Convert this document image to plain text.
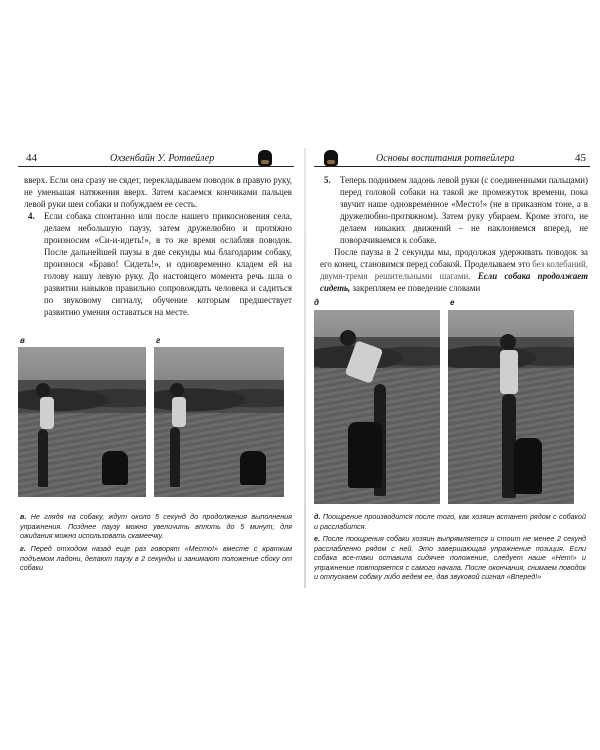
44	Охзенбайн У. Ротвейлер

вверх. Если она сразу не сядет, перекладываем поводок в правую руку, не уменьшая натяжения вверх. Затем касаемся кончиками пальцев левой руки шеи собаки и побуждаем ее сесть.

4. Если собака спонтанно или после нашего прикосновения села, делаем небольшую паузу, затем дружелюбно и протяжно произносим «Си-и-идеть!», в то же время ослабляя поводок. После дальнейшей паузы в две секунды мы благодарим собаку, произнося «Браво! Сидеть!», и одновременно кладем ей на голову нашу левую руку. До настоящего момента речь шла о развитии навыков правильно сопровождать человека и садиться по звуковому сигналу, обучение которым предшествует развитию умения оставаться на месте.

в	г
в. Не глядя на собаку, ждут около 5 секунд до продолжения выполнения упражнения. Позднее паузу можно увеличить вплоть до 5 минут; для ожидания можно использовать скамеечку.
г. Перед отходом назад еще раз говорят «Место!» вместе с кратким подъемом ладони, делают паузу в 2 секунды и занимают положение сбоку от собаки
Основы воспитания ротвейлера	45

5. Теперь поднимем ладонь левой руки (с соединенными пальцами) перед головой собаки на такой же промежуток времени, пока звучит наше одновременное «Место!» (не в приказном тоне, а в дружелюбно-протяжном). Затем руку убираем. Кроме этого, не делаем никаких движений – не наклоняемся вперед, не поворачиваемся к собаке.

После паузы в 2 секунды мы, продолжая удерживать поводок за его конец, становимся перед собакой. Проделываем это без колебаний, двумя-тремя решительными шагами. Если собака продолжает сидеть, закрепляем ее поведение словами

д	е
д. Поощрение производится после того, как хозяин встанет рядом с собакой и расслабится.
е. После поощрения собаки хозяин выпрямляется и стоит не менее 2 секунд расслабленно рядом с ней. Это завершающая упражнение позиция. Если собака все-таки оставила сидячее положение, следует наше «Нет!» и упражнение повторяется с самого начала. После окончания, снимаем поводок и отпускаем собаку либо ведем ее, дав звуковой сигнал «Вперед!»
